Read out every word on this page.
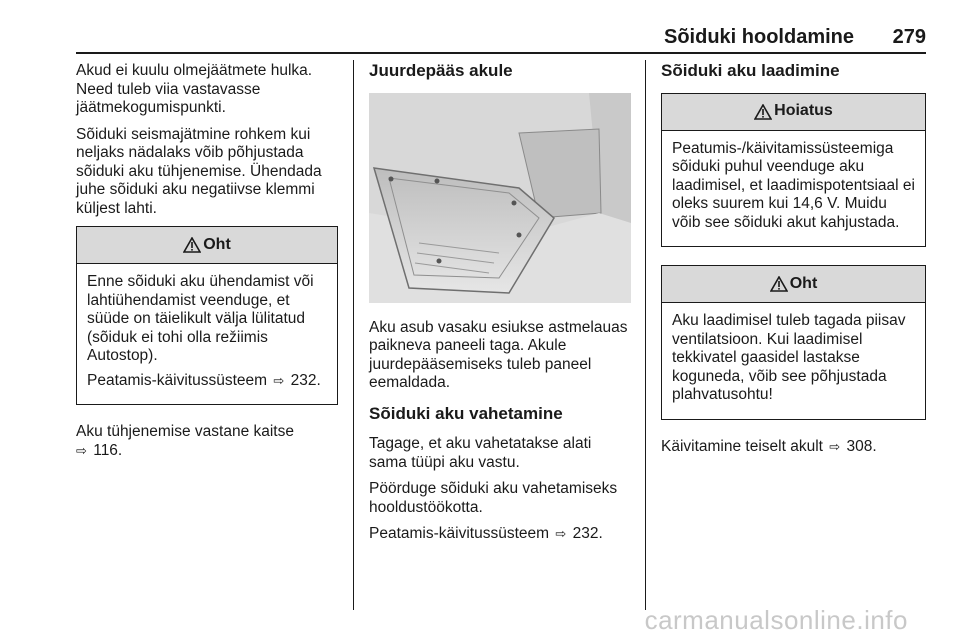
Sõiduki hooldamine 279

Akud ei kuulu olmejäätmete hulka. Need tuleb viia vastavasse jäätmekogumispunkti.

Sõiduki seismajätmine rohkem kui neljaks nädalaks võib põhjustada sõiduki aku tühjenemise. Ühendada juhe sõiduki aku negatiivse klemmi küljest lahti.

Oht

Enne sõiduki aku ühendamist või lahtiühendamist veenduge, et süüde on täielikult välja lülitatud (sõiduk ei tohi olla režiimis Autostop).

Peatamis-käivitussüsteem ⇨ 232.

Aku tühjenemise vastane kaitse
⇨ 116.

Juurdepääs akule

Aku asub vasaku esiukse astmelauas paikneva paneeli taga. Akule juurdepääsemiseks tuleb paneel eemaldada.

Sõiduki aku vahetamine

Tagage, et aku vahetatakse alati sama tüüpi aku vastu.

Pöörduge sõiduki aku vahetamiseks hooldustöökotta.

Peatamis-käivitussüsteem ⇨ 232.

Sõiduki aku laadimine
Hoiatus

Peatumis-/käivitamissüsteemiga sõiduki puhul veenduge aku laadimisel, et laadimispotentsiaal ei oleks suurem kui 14,6 V. Muidu võib see sõiduki akut kahjustada.

Oht

Aku laadimisel tuleb tagada piisav ventilatsioon. Kui laadimisel tekkivatel gaasidel lastakse koguneda, võib see põhjustada plahvatusohtu!

Käivitamine teiselt akult ⇨ 308.

carmanualsonline.info
